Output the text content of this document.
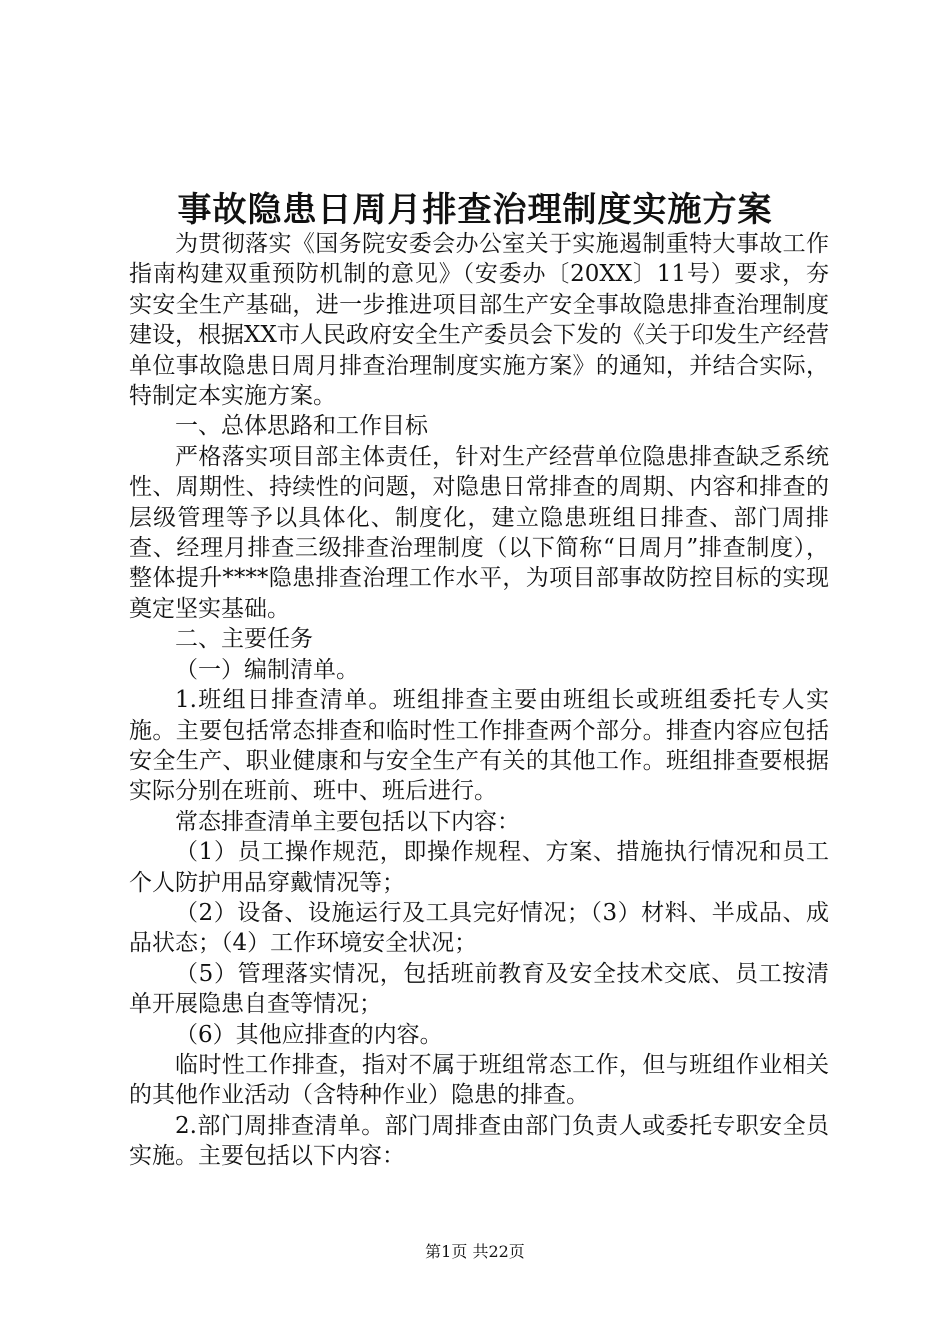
事故隐患日周月排查治理制度实施方案

为贯彻落实《国务院安委会办公室关于实施遏制重特大事故工作指南构建双重预防机制的意见》（安委办〔20XX〕11号）要求，夯实安全生产基础，进一步推进项目部生产安全事故隐患排查治理制度建设，根据XX市人民政府安全生产委员会下发的《关于印发生产经营单位事故隐患日周月排查治理制度实施方案》的通知，并结合实际，特制定本实施方案。

一、总体思路和工作目标

严格落实项目部主体责任，针对生产经营单位隐患排查缺乏系统性、周期性、持续性的问题，对隐患日常排查的周期、内容和排查的层级管理等予以具体化、制度化，建立隐患班组日排查、部门周排查、经理月排查三级排查治理制度（以下简称“日周月”排查制度），整体提升****隐患排查治理工作水平，为项目部事故防控目标的实现奠定坚实基础。

二、主要任务

（一）编制清单。

1.班组日排查清单。班组排查主要由班组长或班组委托专人实施。主要包括常态排查和临时性工作排查两个部分。排查内容应包括安全生产、职业健康和与安全生产有关的其他工作。班组排查要根据实际分别在班前、班中、班后进行。

常态排查清单主要包括以下内容：

（1）员工操作规范，即操作规程、方案、措施执行情况和员工个人防护用品穿戴情况等；

（2）设备、设施运行及工具完好情况；（3）材料、半成品、成品状态；（4）工作环境安全状况；

（5）管理落实情况，包括班前教育及安全技术交底、员工按清单开展隐患自查等情况；

（6）其他应排查的内容。

临时性工作排查，指对不属于班组常态工作，但与班组作业相关的其他作业活动（含特种作业）隐患的排查。

2.部门周排查清单。部门周排查由部门负责人或委托专职安全员实施。主要包括以下内容：

第1页 共22页
